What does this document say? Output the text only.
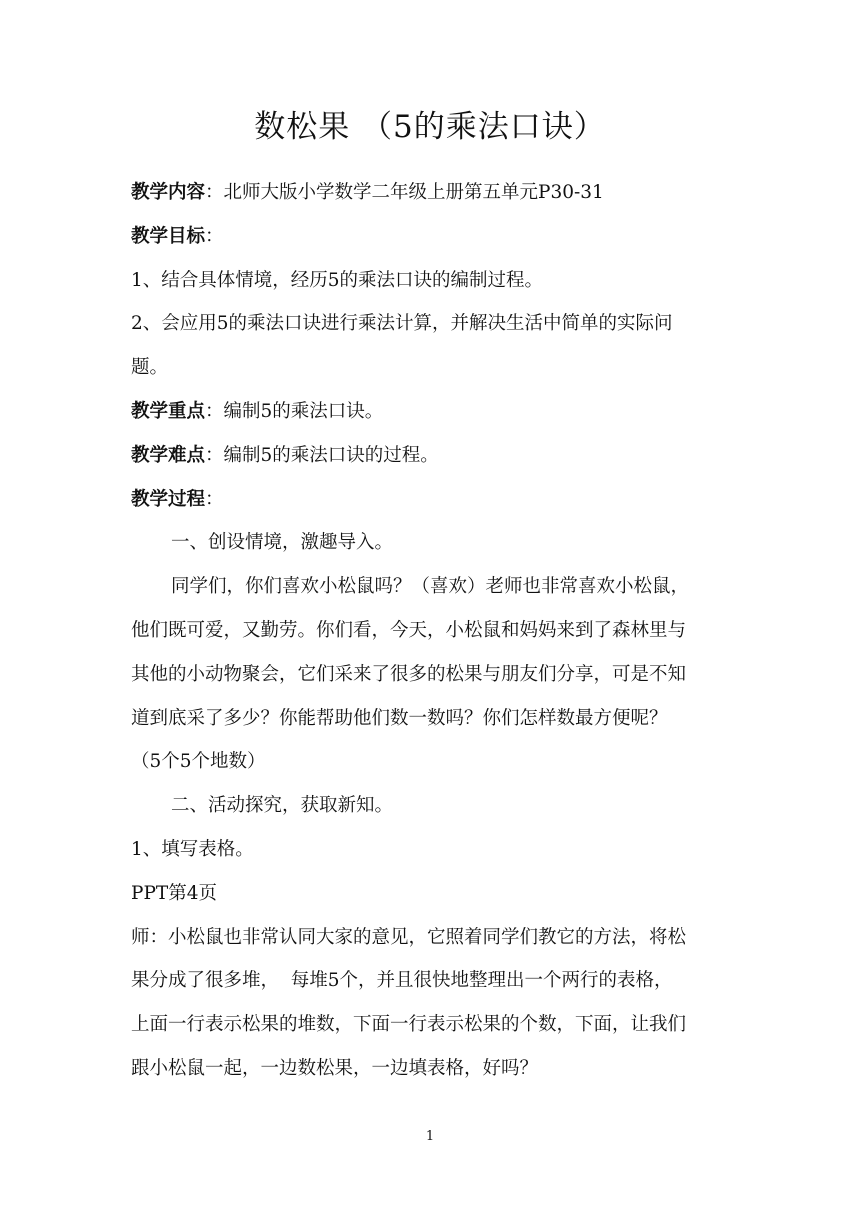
数松果 （5的乘法口诀）

教学内容：北师大版小学数学二年级上册第五单元P30-31

教学目标：

1、结合具体情境，经历5的乘法口诀的编制过程。

2、会应用5的乘法口诀进行乘法计算，并解决生活中简单的实际问

题。

教学重点：编制5的乘法口诀。

教学难点：编制5的乘法口诀的过程。

教学过程：

一、创设情境，激趣导入。

同学们，你们喜欢小松鼠吗？（喜欢）老师也非常喜欢小松鼠，

他们既可爱，又勤劳。你们看，今天，小松鼠和妈妈来到了森林里与

其他的小动物聚会，它们采来了很多的松果与朋友们分享，可是不知

道到底采了多少？你能帮助他们数一数吗？你们怎样数最方便呢？

（5个5个地数）

二、活动探究，获取新知。

1、填写表格。

PPT第4页

师：小松鼠也非常认同大家的意见，它照着同学们教它的方法，将松

果分成了很多堆，  每堆5个，并且很快地整理出一个两行的表格，

上面一行表示松果的堆数，下面一行表示松果的个数，下面，让我们

跟小松鼠一起，一边数松果，一边填表格，好吗？

1
